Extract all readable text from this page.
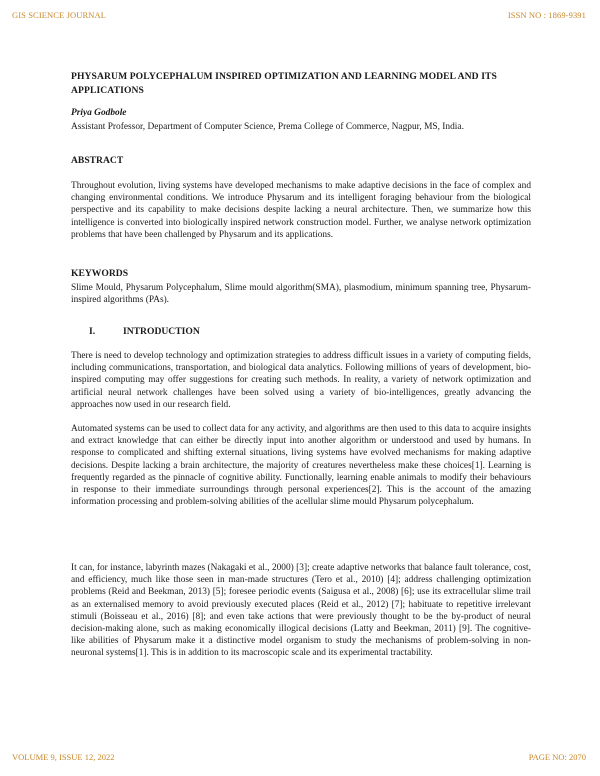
GIS SCIENCE JOURNAL	ISSN NO : 1869-9391
PHYSARUM POLYCEPHALUM INSPIRED OPTIMIZATION AND LEARNING MODEL AND ITS APPLICATIONS
Priya Godbole
Assistant Professor, Department of Computer Science, Prema College of Commerce, Nagpur, MS, India.
ABSTRACT
Throughout evolution, living systems have developed mechanisms to make adaptive decisions in the face of complex and changing environmental conditions. We introduce Physarum and its intelligent foraging behaviour from the biological perspective and its capability to make decisions despite lacking a neural architecture. Then, we summarize how this intelligence is converted into biologically inspired network construction model. Further, we analyse network optimization problems that have been challenged by Physarum and its applications.
KEYWORDS
Slime Mould, Physarum Polycephalum, Slime mould algorithm(SMA), plasmodium, minimum spanning tree, Physarum-inspired algorithms (PAs).
I.	INTRODUCTION
There is need to develop technology and optimization strategies to address difficult issues in a variety of computing fields, including communications, transportation, and biological data analytics. Following millions of years of development, bio-inspired computing may offer suggestions for creating such methods. In reality, a variety of network optimization and artificial neural network challenges have been solved using a variety of bio-intelligences, greatly advancing the approaches now used in our research field.
Automated systems can be used to collect data for any activity, and algorithms are then used to this data to acquire insights and extract knowledge that can either be directly input into another algorithm or understood and used by humans. In response to complicated and shifting external situations, living systems have evolved mechanisms for making adaptive decisions. Despite lacking a brain architecture, the majority of creatures nevertheless make these choices[1]. Learning is frequently regarded as the pinnacle of cognitive ability. Functionally, learning enable animals to modify their behaviours in response to their immediate surroundings through personal experiences[2]. This is the account of the amazing information processing and problem-solving abilities of the acellular slime mould Physarum polycephalum.
It can, for instance, labyrinth mazes (Nakagaki et al., 2000) [3]; create adaptive networks that balance fault tolerance, cost, and efficiency, much like those seen in man-made structures (Tero et al., 2010) [4]; address challenging optimization problems (Reid and Beekman, 2013) [5]; foresee periodic events (Saigusa et al., 2008) [6]; use its extracellular slime trail as an externalised memory to avoid previously executed places (Reid et al., 2012) [7]; habituate to repetitive irrelevant stimuli (Boisseau et al., 2016) [8]; and even take actions that were previously thought to be the by-product of neural decision-making alone, such as making economically illogical decisions (Latty and Beekman, 2011) [9]. The cognitive-like abilities of Physarum make it a distinctive model organism to study the mechanisms of problem-solving in non-neuronal systems[1]. This is in addition to its macroscopic scale and its experimental tractability.
VOLUME 9, ISSUE 12, 2022	PAGE NO: 2070
